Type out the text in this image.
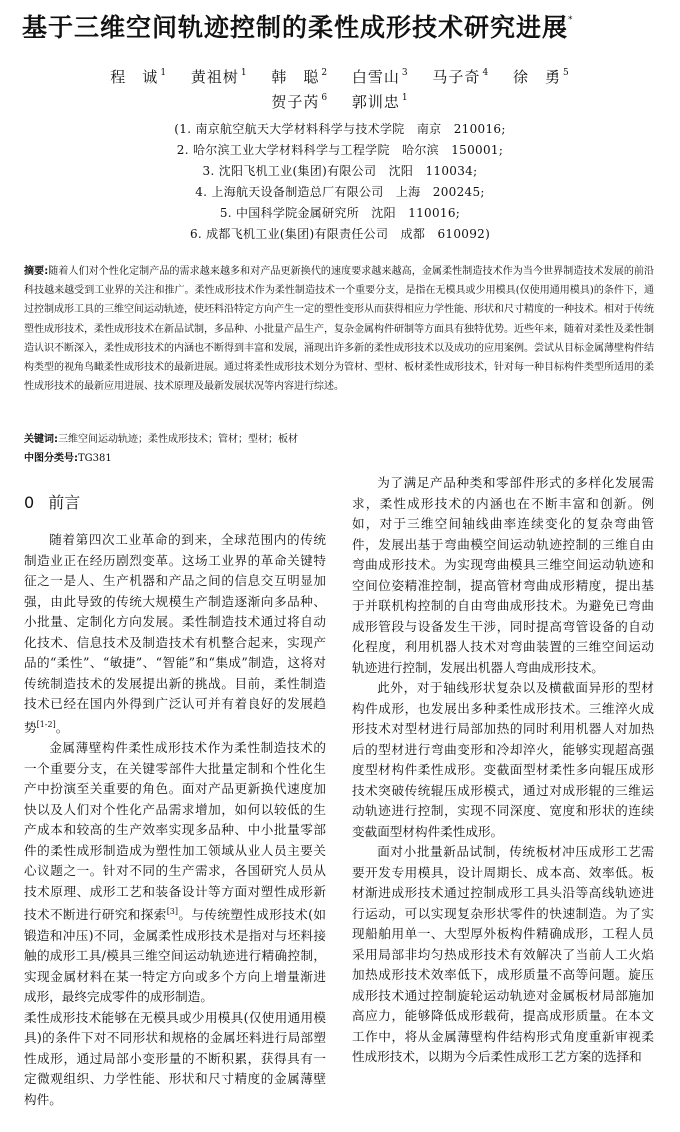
基于三维空间轨迹控制的柔性成形技术研究进展*
程　诚 $^1$ 黄祖树 $^1$ 韩　聪 $^2$ 白雪山 $^3$ 马子奇 $^4$ 徐　勇 $^5$
贺子芮 $^6$ 郭训忠 $^1$
(1. 南京航空航天大学材料科学与技术学院　南京　210016;
2. 哈尔滨工业大学材料科学与工程学院　哈尔滨　150001;
3. 沈阳飞机工业(集团)有限公司　沈阳　110034;
4. 上海航天设备制造总厂有限公司　上海　200245;
5. 中国科学院金属研究所　沈阳　110016;
6. 成都飞机工业(集团)有限责任公司　成都　610092)
摘要:随着人们对个性化定制产品的需求越来越多和对产品更新换代的速度要求越来越高，金属柔性制造技术作为当今世界制造技术发展的前沿科技越来越受到工业界的关注和推广。柔性成形技术作为柔性制造技术一个重要分支，是指在无模具或少用模具(仅使用通用模具)的条件下，通过控制成形工具的三维空间运动轨迹，使坯料沿特定方向产生一定的塑性变形从而获得相应力学性能、形状和尺寸精度的一种技术。相对于传统塑性成形技术，柔性成形技术在新品试制，多品种、小批量产品生产，复杂金属构件研制等方面具有独特优势。近些年来，随着对柔性及柔性制造认识不断深入，柔性成形技术的内涵也不断得到丰富和发展，涌现出许多新的柔性成形技术以及成功的应用案例。尝试从目标金属薄壁构件结构类型的视角鸟瞰柔性成形技术的最新进展。通过将柔性成形技术划分为管材、型材、板材柔性成形技术，针对每一种目标构件类型所适用的柔性成形技术的最新应用进展、技术原理及最新发展状况等内容进行综述。
关键词:三维空间运动轨迹；柔性成形技术；管材；型材；板材
中图分类号:TG381
0 前言

随着第四次工业革命的到来，全球范围内的传统制造业正在经历剧烈变革。这场工业界的革命关键特征之一是人、生产机器和产品之间的信息交互明显加强，由此导致的传统大规模生产制造逐渐向多品种、小批量、定制化方向发展。柔性制造技术通过将自动化技术、信息技术及制造技术有机整合起来，实现产品的“柔性”、“敏捷”、“智能”和“集成”制造，这将对传统制造技术的发展提出新的挑战。目前，柔性制造技术已经在国内外得到广泛认可并有着良好的发展趋势[1-2]。

金属薄壁构件柔性成形技术作为柔性制造技术的一个重要分支，在关键零部件大批量定制和个性化生产中扮演至关重要的角色。面对产品更新换代速度加快以及人们对个性化产品需求增加，如何以较低的生产成本和较高的生产效率实现多品种、中小批量零部件的柔性成形制造成为塑性加工领域从业人员主要关心议题之一。针对不同的生产需求，各国研究人员从技术原理、成形工艺和装备设计等方面对塑性成形新技术不断进行研究和探索[3]。与传统塑性成形技术(如锻造和冲压)不同，金属柔性成形技术是指对与坯料接触的成形工具/模具三维空间运动轨迹进行精确控制，实现金属材料在某一特定方向或多个方向上增量渐进成形，最终完成零件的成形制造。

柔性成形技术能够在无模具或少用模具(仅使用通用模具)的条件下对不同形状和规格的金属坯料进行局部塑性成形，通过局部小变形量的不断积累，获得具有一定微观组织、力学性能、形状和尺寸精度的金属薄壁构件。

为了满足产品种类和零部件形式的多样化发展需求，柔性成形技术的内涵也在不断丰富和创新。例如，对于三维空间轴线曲率连续变化的复杂弯曲管件，发展出基于弯曲模空间运动轨迹控制的三维自由弯曲成形技术。为实现弯曲模具三维空间运动轨迹和空间位姿精准控制，提高管材弯曲成形精度，提出基于并联机构控制的自由弯曲成形技术。为避免已弯曲成形管段与设备发生干涉，同时提高弯管设备的自动化程度，利用机器人技术对弯曲装置的三维空间运动轨迹进行控制，发展出机器人弯曲成形技术。

此外，对于轴线形状复杂以及横截面异形的型材构件成形，也发展出多种柔性成形技术。三维淬火成形技术对型材进行局部加热的同时利用机器人对加热后的型材进行弯曲变形和冷却淬火，能够实现超高强度型材构件柔性成形。变截面型材柔性多向辊压成形技术突破传统辊压成形模式，通过对成形辊的三维运动轨迹进行控制，实现不同深度、宽度和形状的连续变截面型材构件柔性成形。

面对小批量新品试制，传统板材冲压成形工艺需要开发专用模具，设计周期长、成本高、效率低。板材渐进成形技术通过控制成形工具头沿等高线轨迹进行运动，可以实现复杂形状零件的快速制造。为了实现船舶用单一、大型厚外板构件精确成形，工程人员采用局部非均匀热成形技术有效解决了当前人工火焰加热成形技术效率低下，成形质量不高等问题。旋压成形技术通过控制旋轮运动轨迹对金属板材局部施加高应力，能够降低成形载荷，提高成形质量。在本文工作中，将从金属薄壁构件结构形式角度重新审视柔性成形技术，以期为今后柔性成形工艺方案的选择和
